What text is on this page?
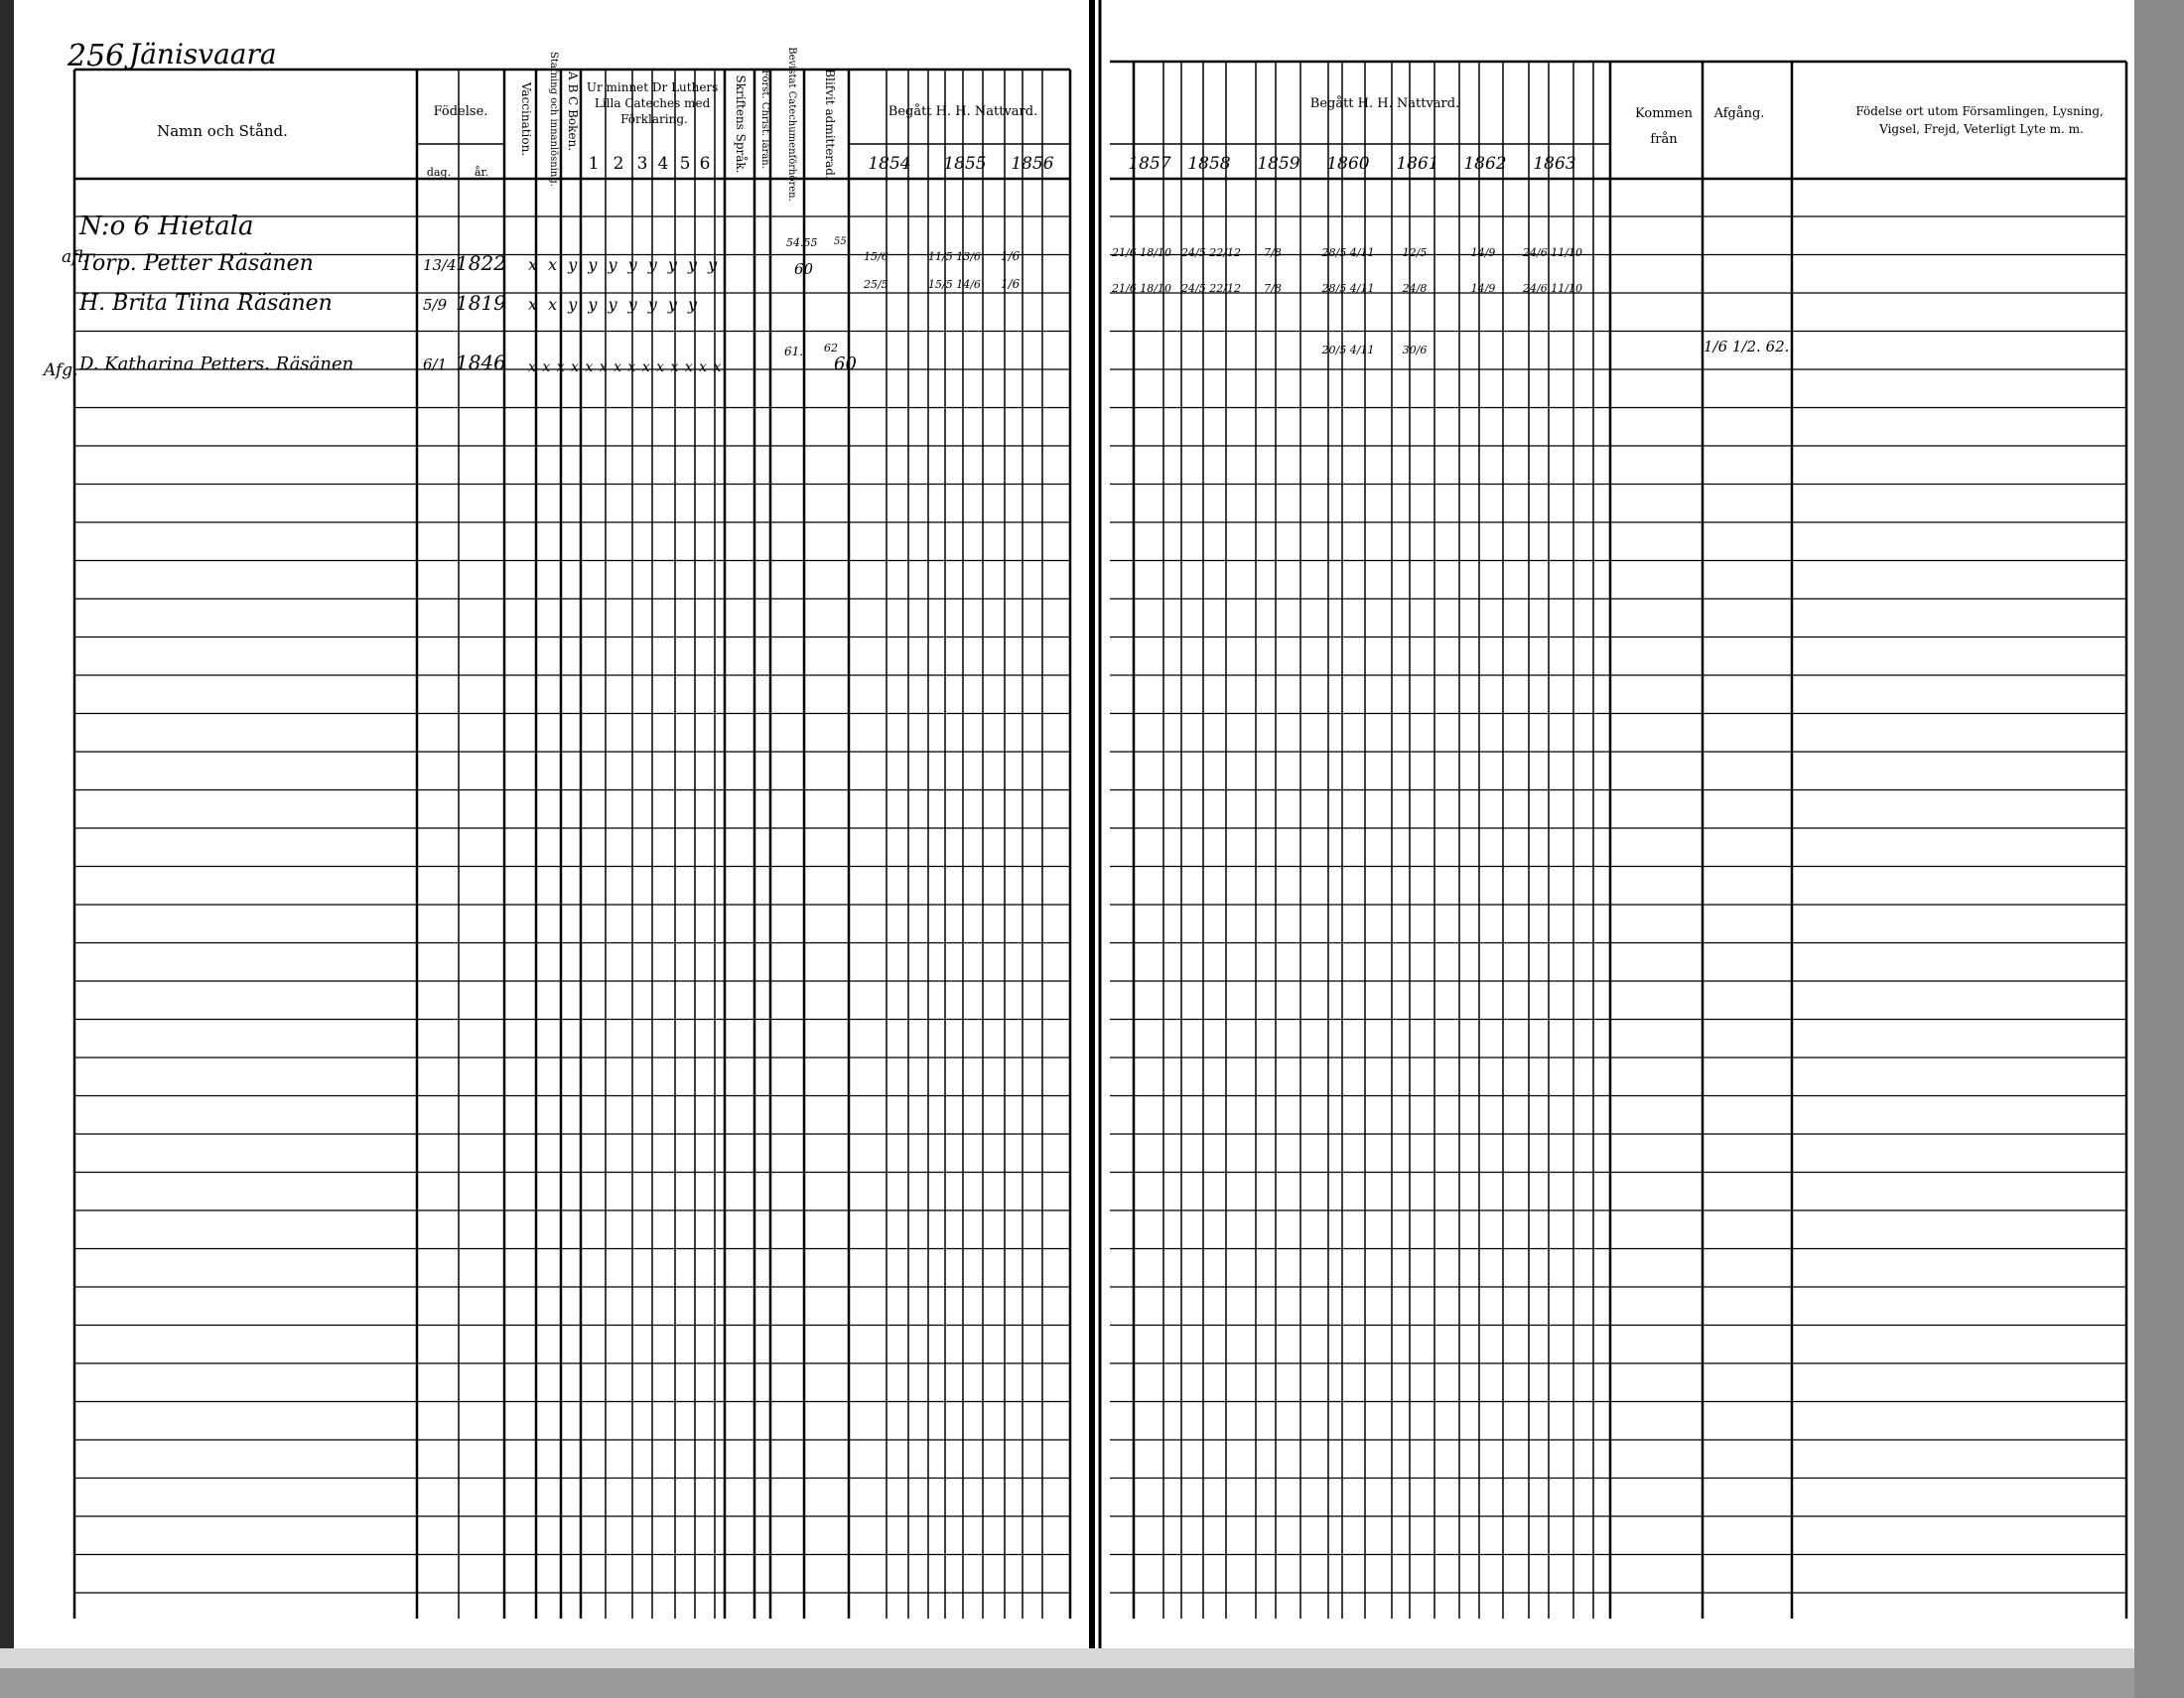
256 Jänisvaara
Namn och Stånd.
Födelse.
dag. år.
Vaccination. Stafning och innanlösning. A B C Boken. Ur minnet Dr Luthers Lilla Cateches med Förklaring.
1 2 3 4 5 6 Skriftens Språk. Först. Christ. läran. Bevistat Catechumenförhören. Blifvit admitterad.	Begått H. H. Nattvard.
1854 1855 1856
afl.
Afg.
N:o 6 Hietala
Torp. Petter Räsänen
H. Brita Tiina Räsänen
D. Katharina Petters. Räsänen
13/4
5/9
6/1
1822
1819
1846
x x y y y y y y y y
x x y y y y y y y
x x x x x x x x x x x x x x
54.55 55
60
61. 62
60
15/6
25/5
11/5 13/6
15/5 14/6
1/6
1/6
Begått H. H. Nattvard.
1857 1858 1859 1860 1861 1862 1863
Kommen från
Afgång.	Födelse ort utom Församlingen, Lysning, Vigsel, Frejd, Veterligt Lyte m. m.
21/6 18/10
21/6 18/10
24/5 22/12
24/5 22/12
7/8
7/8
28/5 4/11
28/5 4/11
20/5 4/11
12/5
24/8
30/6
14/9
14/9
24/6 11/10
24/6 11/10
1/6 1/2. 62.
